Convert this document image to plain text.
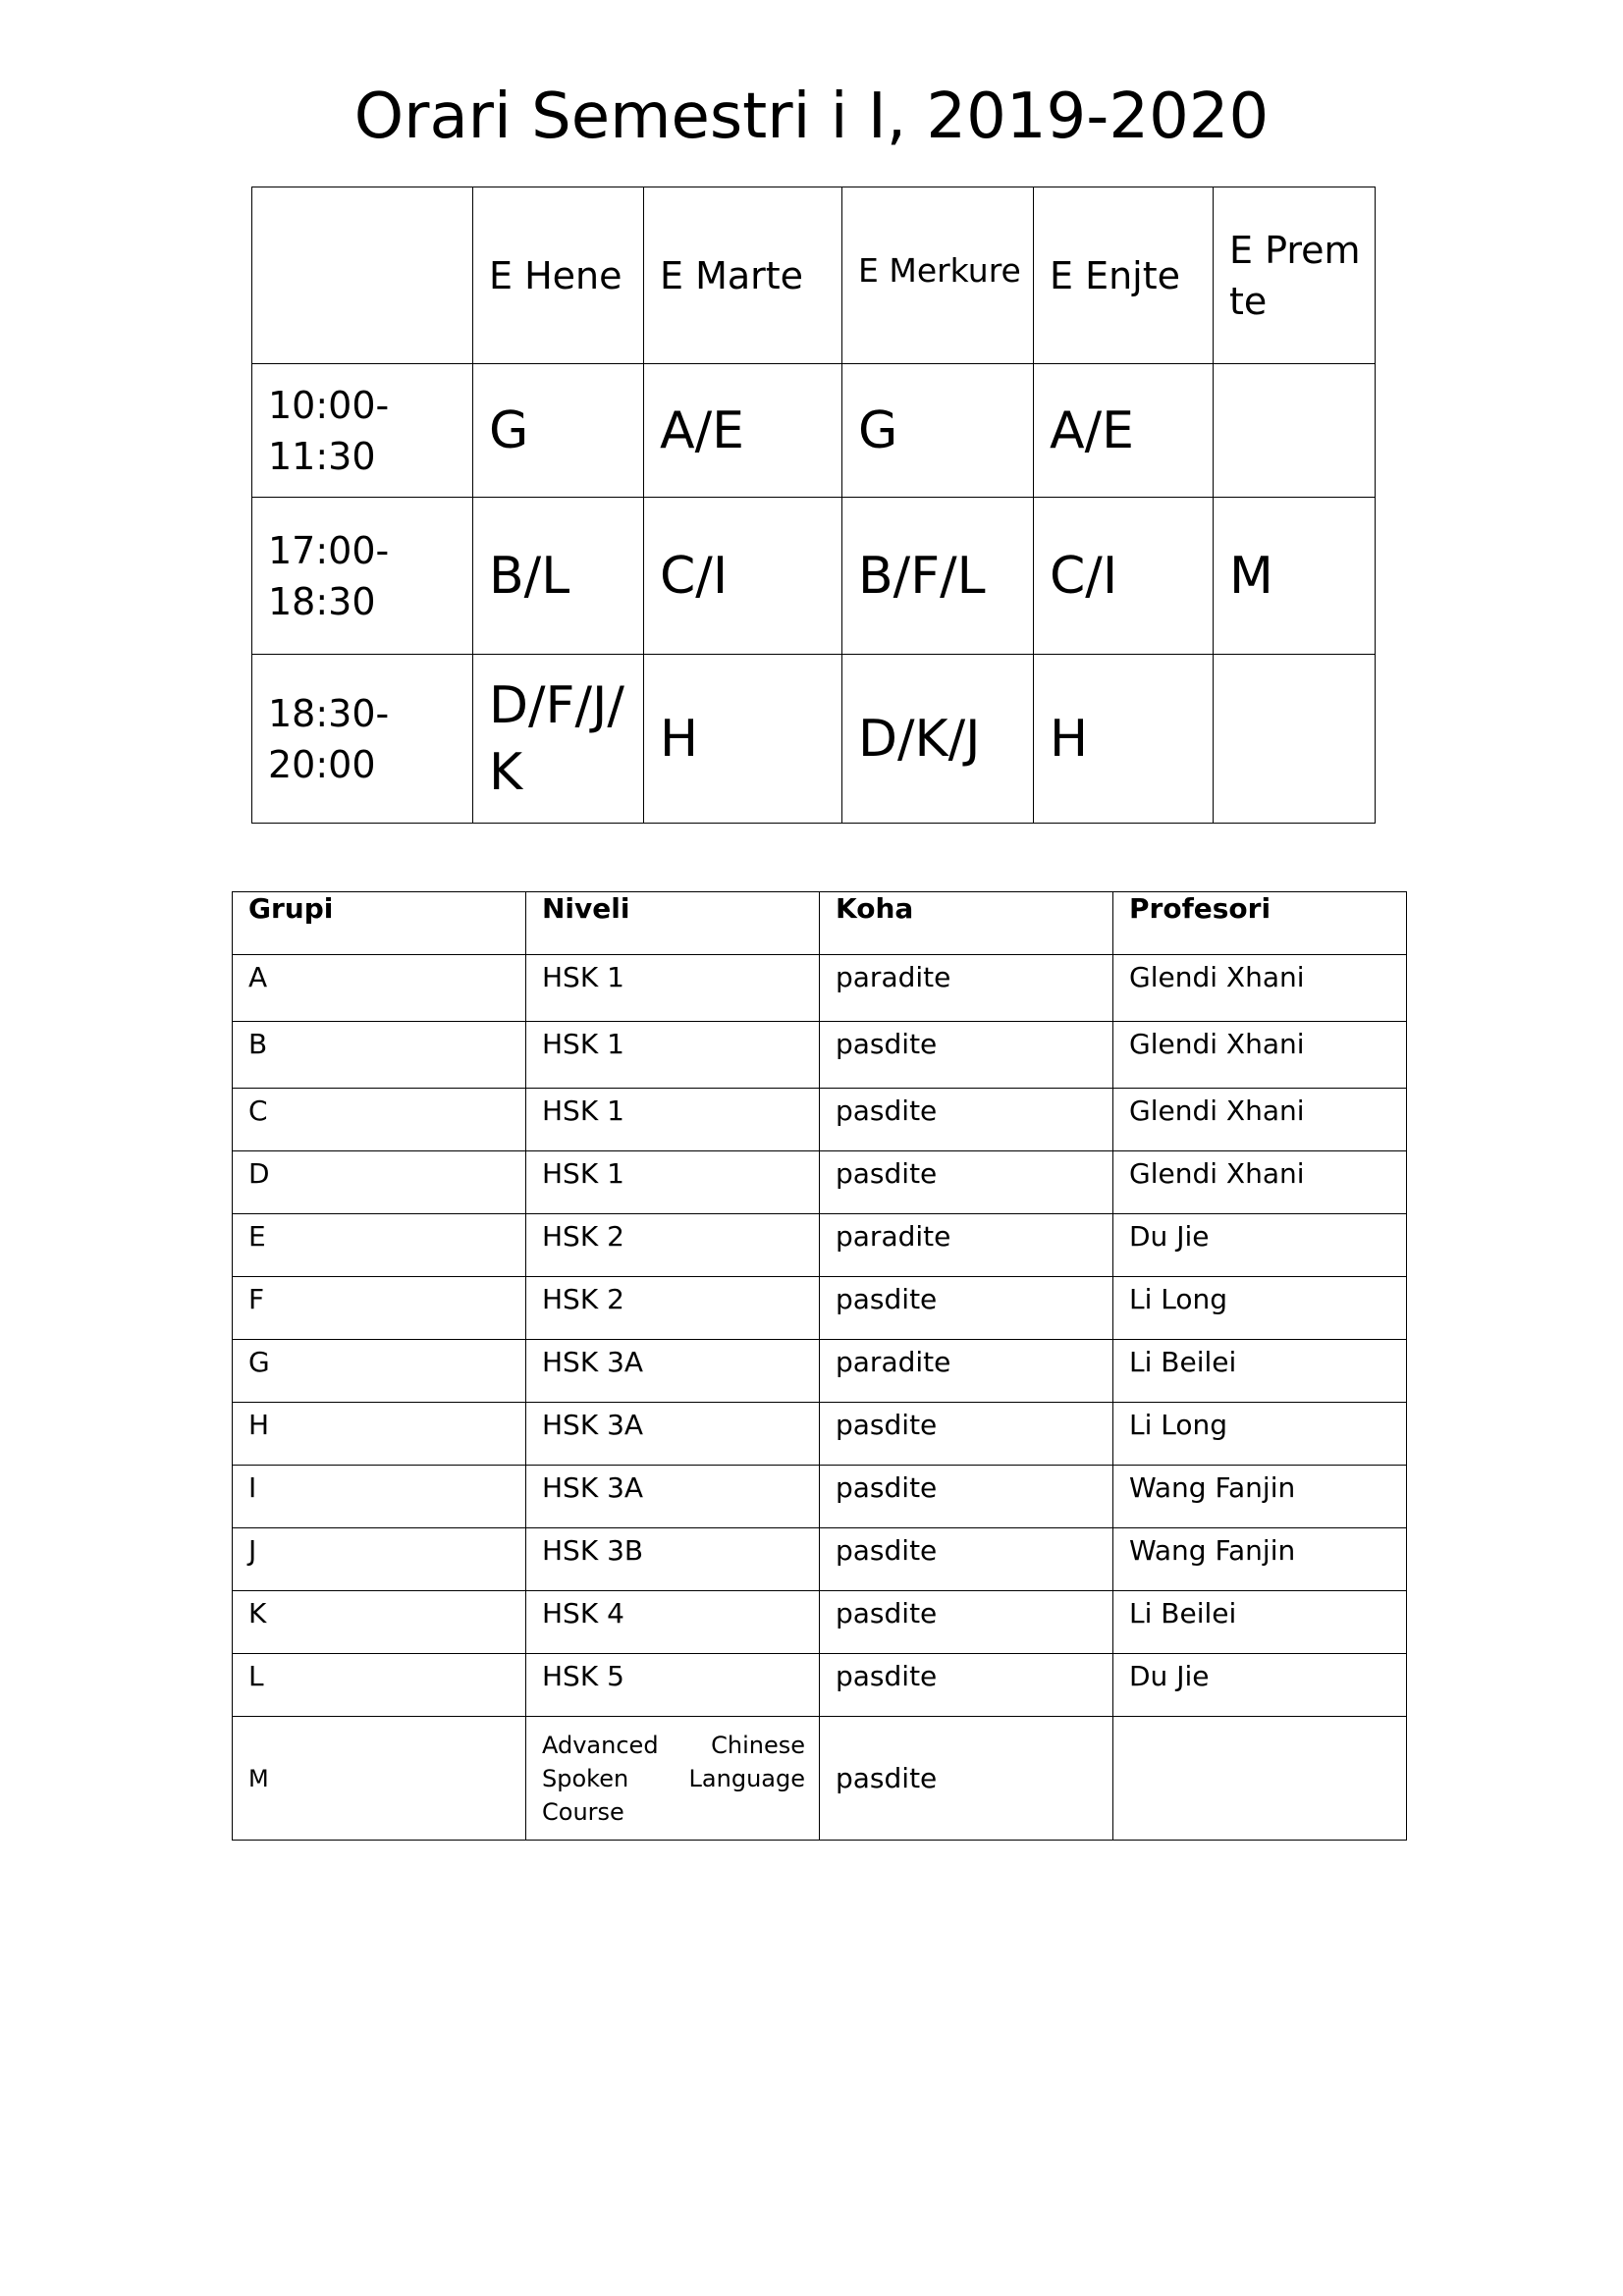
Orari Semestri i I, 2019-2020
	E Hene	E Marte	E Merkure	E Enjte	E Premte
10:00-11:30	G	A/E	G	A/E	
17:00-18:30	B/L	C/I	B/F/L	C/I	M
18:30-20:00	D/F/J/K	H	D/K/J	H	
Grupi	Niveli	Koha	Profesori
A	HSK 1	paradite	Glendi Xhani
B	HSK 1	pasdite	Glendi Xhani
C	HSK 1	pasdite	Glendi Xhani
D	HSK 1	pasdite	Glendi Xhani
E	HSK 2	paradite	Du Jie
F	HSK 2	pasdite	Li Long
G	HSK 3A	paradite	Li Beilei
H	HSK 3A	pasdite	Li Long
I	HSK 3A	pasdite	Wang Fanjin
J	HSK 3B	pasdite	Wang Fanjin
K	HSK 4	pasdite	Li Beilei
L	HSK 5	pasdite	Du Jie
M	Advanced Chinese Spoken Language Course	pasdite	
